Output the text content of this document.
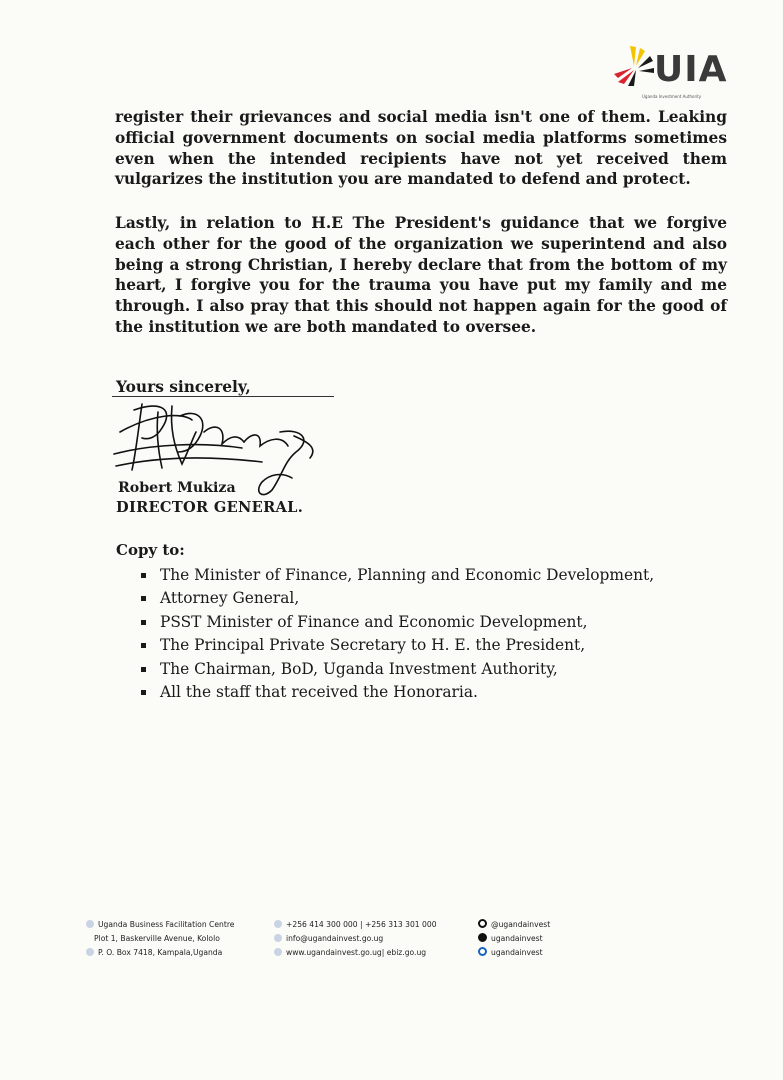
UIA
Uganda Investment Authority

register their grievances and social media isn't one of them. Leaking official government documents on social media platforms sometimes even when the intended recipients have not yet received them vulgarizes the institution you are mandated to defend and protect.

Lastly, in relation to H.E The President's guidance that we forgive each other for the good of the organization we superintend and also being a strong Christian, I hereby declare that from the bottom of my heart, I forgive you for the trauma you have put my family and me through. I also pray that this should not happen again for the good of the institution we are both mandated to oversee.

Yours sincerely,
Robert Mukiza
DIRECTOR GENERAL.
Copy to:
The Minister of Finance, Planning and Economic Development,
Attorney General,
PSST Minister of Finance and Economic Development,
The Principal Private Secretary to H. E. the President,
The Chairman, BoD, Uganda Investment Authority,
All the staff that received the Honoraria.
Uganda Business Facilitation Centre
Plot 1, Baskerville Avenue, Kololo
P. O. Box 7418, Kampala,Uganda
+256 414 300 000 | +256 313 301 000
info@ugandainvest.go.ug
www.ugandainvest.go.ug| ebiz.go.ug
@ugandainvest
ugandainvest
ugandainvest
